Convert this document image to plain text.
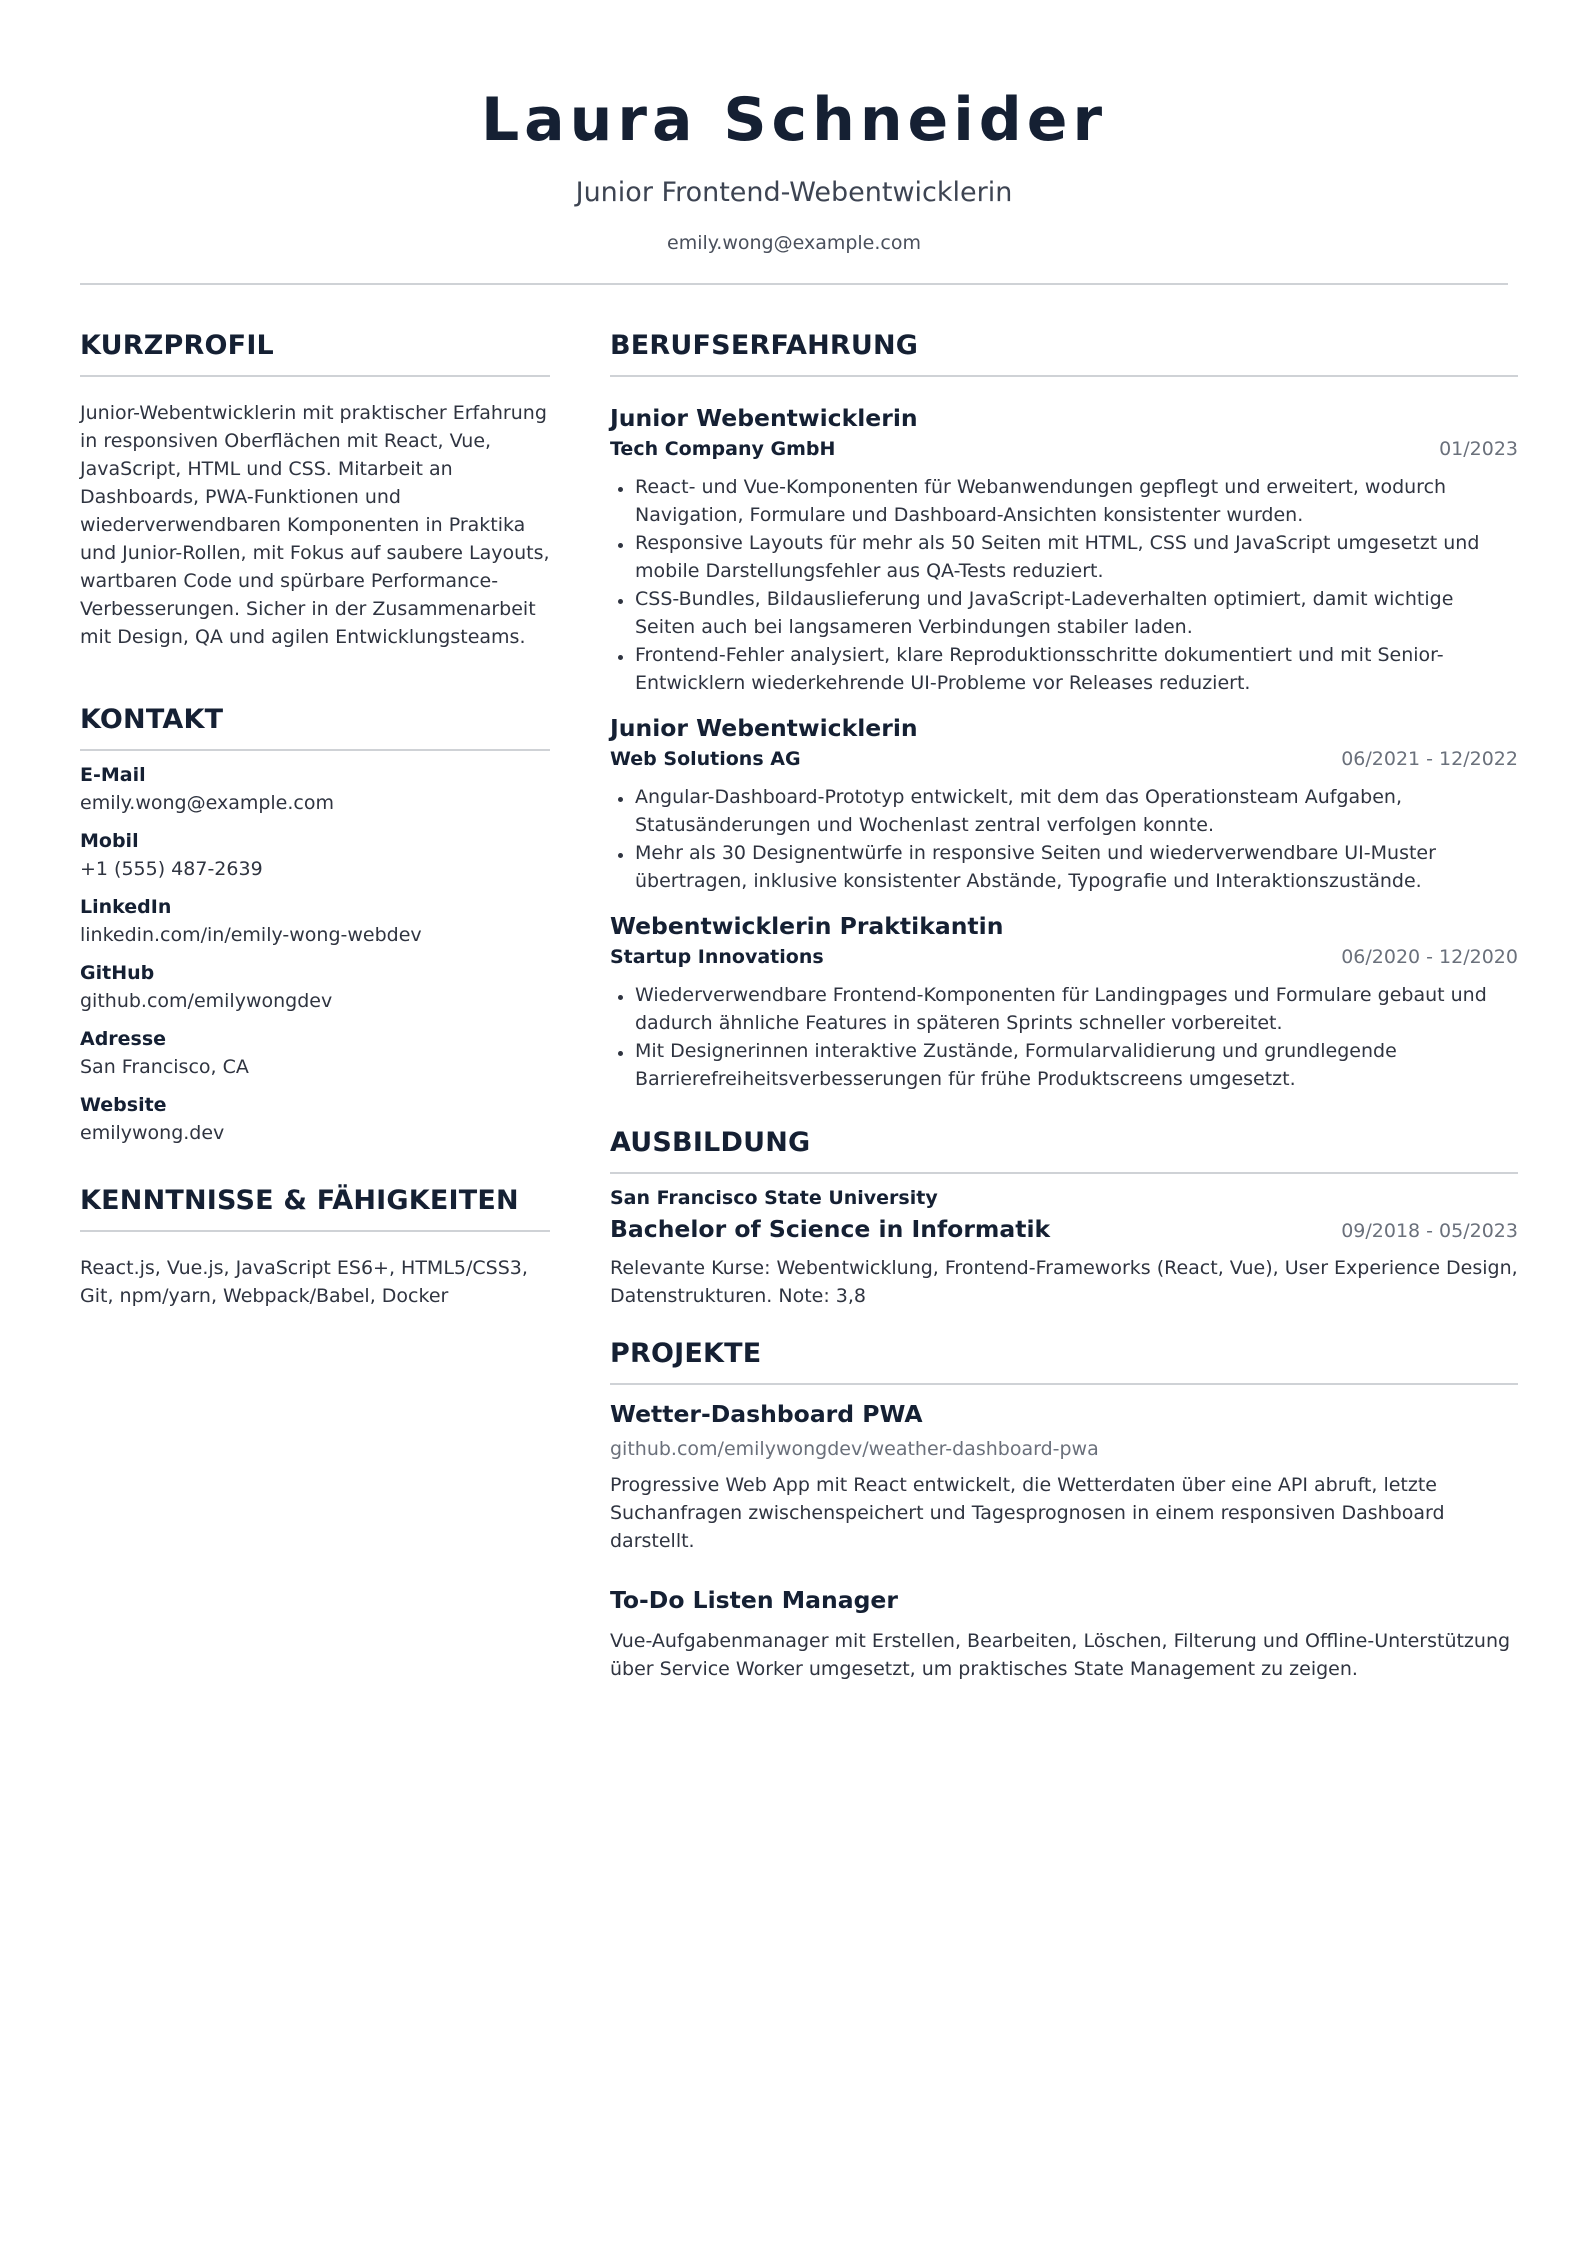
Laura Schneider
Junior Frontend-Webentwicklerin
emily.wong@example.com
KURZPROFIL

Junior-Webentwicklerin mit praktischer Erfahrung in responsiven Oberflächen mit React, Vue, JavaScript, HTML und CSS. Mitarbeit an Dashboards, PWA-Funktionen und wiederverwendbaren Komponenten in Praktika und Junior-Rollen, mit Fokus auf saubere Layouts, wartbaren Code und spürbare Performance-Verbesserungen. Sicher in der Zusammenarbeit mit Design, QA und agilen Entwicklungsteams.

KONTAKT
E-Mail
emily.wong@example.com
Mobil
+1 (555) 487-2639
LinkedIn
linkedin.com/in/emily-wong-webdev
GitHub
github.com/emilywongdev
Adresse
San Francisco, CA
Website
emilywong.dev
KENNTNISSE & FÄHIGKEITEN

React.js, Vue.js, JavaScript ES6+, HTML5/CSS3, Git, npm/yarn, Webpack/Babel, Docker

BERUFSERFAHRUNG
Junior Webentwicklerin
Tech Company GmbH	01/2023
React- und Vue-Komponenten für Webanwendungen gepflegt und erweitert, wodurch Navigation, Formulare und Dashboard-Ansichten konsistenter wurden.
Responsive Layouts für mehr als 50 Seiten mit HTML, CSS und JavaScript umgesetzt und mobile Darstellungsfehler aus QA-Tests reduziert.
CSS-Bundles, Bildauslieferung und JavaScript-Ladeverhalten optimiert, damit wichtige Seiten auch bei langsameren Verbindungen stabiler laden.
Frontend-Fehler analysiert, klare Reproduktionsschritte dokumentiert und mit Senior-Entwicklern wiederkehrende UI-Probleme vor Releases reduziert.
Junior Webentwicklerin
Web Solutions AG	06/2021 - 12/2022
Angular-Dashboard-Prototyp entwickelt, mit dem das Operationsteam Aufgaben, Statusänderungen und Wochenlast zentral verfolgen konnte.
Mehr als 30 Designentwürfe in responsive Seiten und wiederverwendbare UI-Muster übertragen, inklusive konsistenter Abstände, Typografie und Interaktionszustände.
Webentwicklerin Praktikantin
Startup Innovations	06/2020 - 12/2020
Wiederverwendbare Frontend-Komponenten für Landingpages und Formulare gebaut und dadurch ähnliche Features in späteren Sprints schneller vorbereitet.
Mit Designerinnen interaktive Zustände, Formularvalidierung und grundlegende Barrierefreiheitsverbesserungen für frühe Produktscreens umgesetzt.
AUSBILDUNG
San Francisco State University
Bachelor of Science in Informatik	09/2018 - 05/2023

Relevante Kurse: Webentwicklung, Frontend-Frameworks (React, Vue), User Experience Design, Datenstrukturen. Note: 3,8

PROJEKTE
Wetter-Dashboard PWA
github.com/emilywongdev/weather-dashboard-pwa

Progressive Web App mit React entwickelt, die Wetterdaten über eine API abruft, letzte Suchanfragen zwischenspeichert und Tagesprognosen in einem responsiven Dashboard darstellt.

To-Do Listen Manager

Vue-Aufgabenmanager mit Erstellen, Bearbeiten, Löschen, Filterung und Offline-Unterstützung über Service Worker umgesetzt, um praktisches State Management zu zeigen.
